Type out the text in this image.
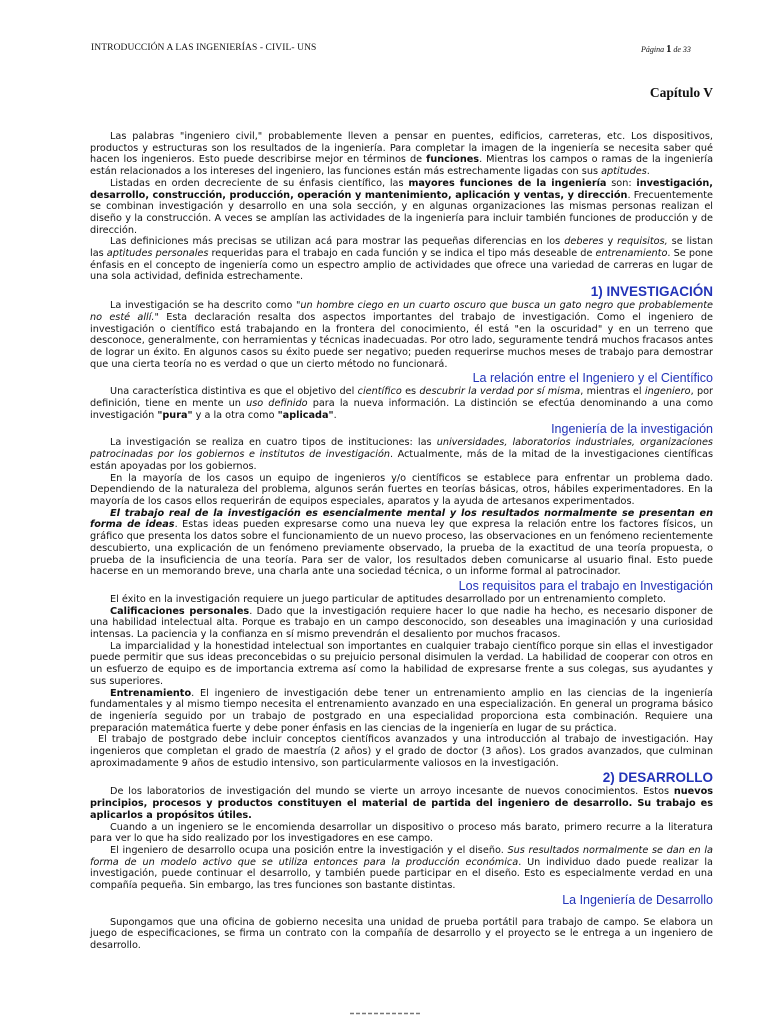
INTRODUCCIÓN A LAS INGENIERÍAS - CIVIL- UNS	Página 1 de 33
Capítulo V

Las palabras "ingeniero civil," probablemente lleven a pensar en puentes, edificios, carreteras, etc. Los dispositivos, productos y estructuras son los resultados de la ingeniería. Para completar la imagen de la ingeniería se necesita saber qué hacen los ingenieros. Esto puede describirse mejor en términos de funciones. Mientras los campos o ramas de la ingeniería están relacionados a los intereses del ingeniero, las funciones están más estrechamente ligadas con sus aptitudes.

Listadas en orden decreciente de su énfasis científico, las mayores funciones de la ingeniería son: investigación, desarrollo, construcción, producción, operación y mantenimiento, aplicación y ventas, y dirección. Frecuentemente se combinan investigación y desarrollo en una sola sección, y en algunas organizaciones las mismas personas realizan el diseño y la construcción. A veces se amplían las actividades de la ingeniería para incluir también funciones de producción y de dirección.

Las definiciones más precisas se utilizan acá para mostrar las pequeñas diferencias en los deberes y requisitos, se listan las aptitudes personales requeridas para el trabajo en cada función y se indica el tipo más deseable de entrenamiento. Se pone énfasis en el concepto de ingeniería como un espectro amplio de actividades que ofrece una variedad de carreras en lugar de una sola actividad, definida estrechamente.

1) INVESTIGACIÓN

La investigación se ha descrito como "un hombre ciego en un cuarto oscuro que busca un gato negro que probablemente no esté allí." Esta declaración resalta dos aspectos importantes del trabajo de investigación. Como el ingeniero de investigación o científico está trabajando en la frontera del conocimiento, él está "en la oscuridad" y en un terreno que desconoce, generalmente, con herramientas y técnicas inadecuadas. Por otro lado, seguramente tendrá muchos fracasos antes de lograr un éxito. En algunos casos su éxito puede ser negativo; pueden requerirse muchos meses de trabajo para demostrar que una cierta teoría no es verdad o que un cierto método no funcionará.

La relación entre el Ingeniero y el Científico

Una característica distintiva es que el objetivo del científico es descubrir la verdad por sí misma, mientras el ingeniero, por definición, tiene en mente un uso definido para la nueva información. La distinción se efectúa denominando a una como investigación "pura" y a la otra como "aplicada".

Ingeniería de la investigación

La investigación se realiza en cuatro tipos de instituciones: las universidades, laboratorios industriales, organizaciones patrocinadas por los gobiernos e institutos de investigación. Actualmente, más de la mitad de la investigaciones científicas están apoyadas por los gobiernos.

En la mayoría de los casos un equipo de ingenieros y/o científicos se establece para enfrentar un problema dado. Dependiendo de la naturaleza del problema, algunos serán fuertes en teorías básicas, otros, hábiles experimentadores. En la mayoría de los casos ellos requerirán de equipos especiales, aparatos y la ayuda de artesanos experimentados.

El trabajo real de la investigación es esencialmente mental y los resultados normalmente se presentan en forma de ideas. Estas ideas pueden expresarse como una nueva ley que expresa la relación entre los factores físicos, un gráfico que presenta los datos sobre el funcionamiento de un nuevo proceso, las observaciones en un fenómeno recientemente descubierto, una explicación de un fenómeno previamente observado, la prueba de la exactitud de una teoría propuesta, o prueba de la insuficiencia de una teoría. Para ser de valor, los resultados deben comunicarse al usuario final. Esto puede hacerse en un memorando breve, una charla ante una sociedad técnica, o un informe formal al patrocinador.

Los requisitos para el trabajo en Investigación

El éxito en la investigación requiere un juego particular de aptitudes desarrollado por un entrenamiento completo.

Calificaciones personales. Dado que la investigación requiere hacer lo que nadie ha hecho, es necesario disponer de una habilidad intelectual alta. Porque es trabajo en un campo desconocido, son deseables una imaginación y una curiosidad intensas. La paciencia y la confianza en sí mismo prevendrán el desaliento por muchos fracasos.

La imparcialidad y la honestidad intelectual son importantes en cualquier trabajo científico porque sin ellas el investigador puede permitir que sus ideas preconcebidas o su prejuicio personal disimulen la verdad. La habilidad de cooperar con otros en un esfuerzo de equipo es de importancia extrema así como la habilidad de expresarse frente a sus colegas, sus ayudantes y sus superiores.

Entrenamiento. El ingeniero de investigación debe tener un entrenamiento amplio en las ciencias de la ingeniería fundamentales y al mismo tiempo necesita el entrenamiento avanzado en una especialización. En general un programa básico de ingeniería seguido por un trabajo de postgrado en una especialidad proporciona esta combinación. Requiere una preparación matemática fuerte y debe poner énfasis en las ciencias de la ingeniería en lugar de su práctica.

El trabajo de postgrado debe incluir conceptos científicos avanzados y una introducción al trabajo de investigación. Hay ingenieros que completan el grado de maestría (2 años) y el grado de doctor (3 años). Los grados avanzados, que culminan aproximadamente 9 años de estudio intensivo, son particularmente valiosos en la investigación.

2) DESARROLLO

De los laboratorios de investigación del mundo se vierte un arroyo incesante de nuevos conocimientos. Estos nuevos principios, procesos y productos constituyen el material de partida del ingeniero de desarrollo. Su trabajo es aplicarlos a propósitos útiles.

Cuando a un ingeniero se le encomienda desarrollar un dispositivo o proceso más barato, primero recurre a la literatura para ver lo que ha sido realizado por los investigadores en ese campo.

El ingeniero de desarrollo ocupa una posición entre la investigación y el diseño. Sus resultados normalmente se dan en la forma de un modelo activo que se utiliza entonces para la producción económica. Un individuo dado puede realizar la investigación, puede continuar el desarrollo, y también puede participar en el diseño. Esto es especialmente verdad en una compañía pequeña. Sin embargo, las tres funciones son bastante distintas.

La Ingeniería de Desarrollo

Supongamos que una oficina de gobierno necesita una unidad de prueba portátil para trabajo de campo. Se elabora un juego de especificaciones, se firma un contrato con la compañía de desarrollo y el proyecto se le entrega a un ingeniero de desarrollo.
